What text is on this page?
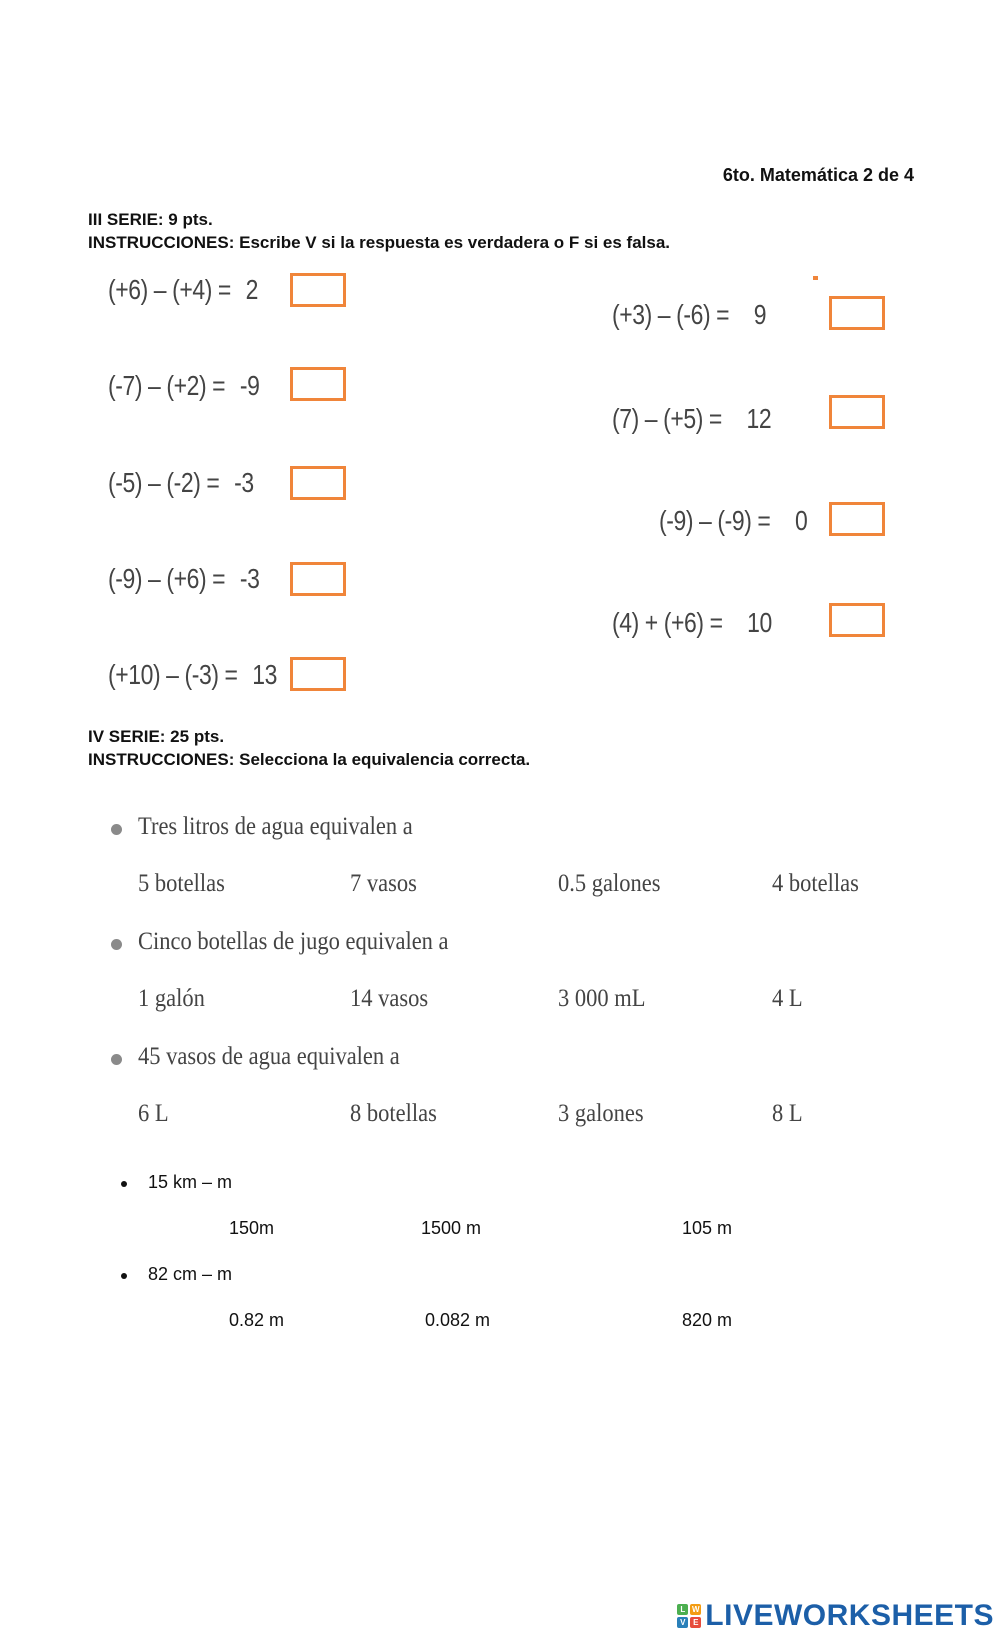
6to. Matemática 2 de 4
III SERIE: 9 pts.
INSTRUCCIONES: Escribe V si la respuesta es verdadera o F si es falsa.
(+6) – (+4) = 2
(-7) – (+2) = -9
(-5) – (-2) = -3
(-9) – (+6) = -3
(+10) – (-3) = 13
(+3) – (-6) = 9
(7) – (+5) = 12
(-9) – (-9) = 0
(4) + (+6) = 10
IV SERIE: 25 pts.
INSTRUCCIONES: Selecciona la equivalencia correcta.
Tres litros de agua equivalen a
5 botellas	7 vasos	0.5 galones	4 botellas
Cinco botellas de jugo equivalen a
1 galón	14 vasos	3 000 mL	4 L
45 vasos de agua equivalen a
6 L	8 botellas	3 galones	8 L
15 km – m
150m	1500 m	105 m
82 cm – m
0.82 m	0.082 m	820 m
L W
V E LIVEWORKSHEETS
